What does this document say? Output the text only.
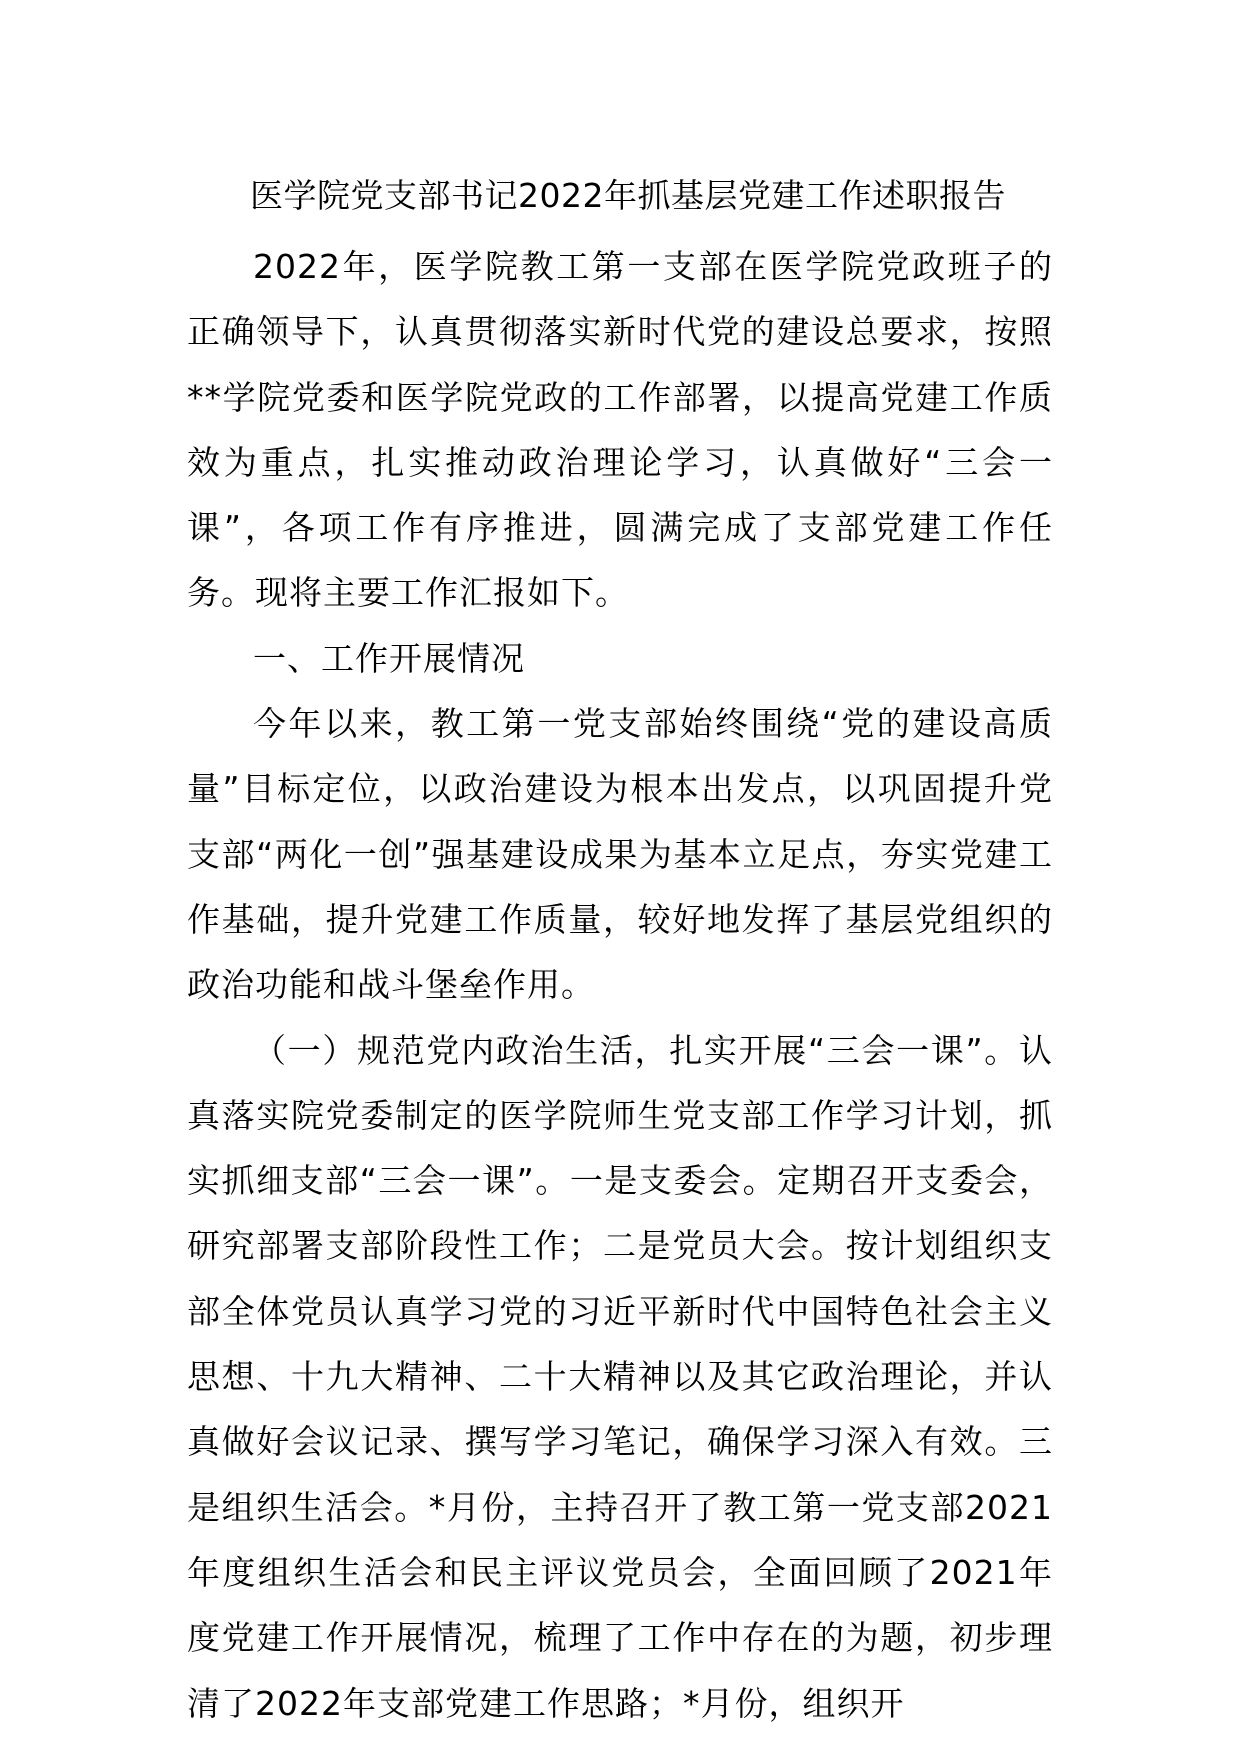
医学院党支部书记2022年抓基层党建工作述职报告

2022年，医学院教工第一支部在医学院党政班子的正确领导下，认真贯彻落实新时代党的建设总要求，按照**学院党委和医学院党政的工作部署，以提高党建工作质效为重点，扎实推动政治理论学习，认真做好“三会一课”，各项工作有序推进，圆满完成了支部党建工作任务。现将主要工作汇报如下。

一、工作开展情况

今年以来，教工第一党支部始终围绕“党的建设高质量”目标定位，以政治建设为根本出发点，以巩固提升党支部“两化一创”强基建设成果为基本立足点，夯实党建工作基础，提升党建工作质量，较好地发挥了基层党组织的政治功能和战斗堡垒作用。

（一）规范党内政治生活，扎实开展“三会一课”。认真落实院党委制定的医学院师生党支部工作学习计划，抓实抓细支部“三会一课”。一是支委会。定期召开支委会，研究部署支部阶段性工作；二是党员大会。按计划组织支部全体党员认真学习党的习近平新时代中国特色社会主义思想、十九大精神、二十大精神以及其它政治理论，并认真做好会议记录、撰写学习笔记，确保学习深入有效。三是组织生活会。*月份，主持召开了教工第一党支部2021年度组织生活会和民主评议党员会，全面回顾了2021年度党建工作开展情况，梳理了工作中存在的为题，初步理清了2022年支部党建工作思路；*月份，组织开
